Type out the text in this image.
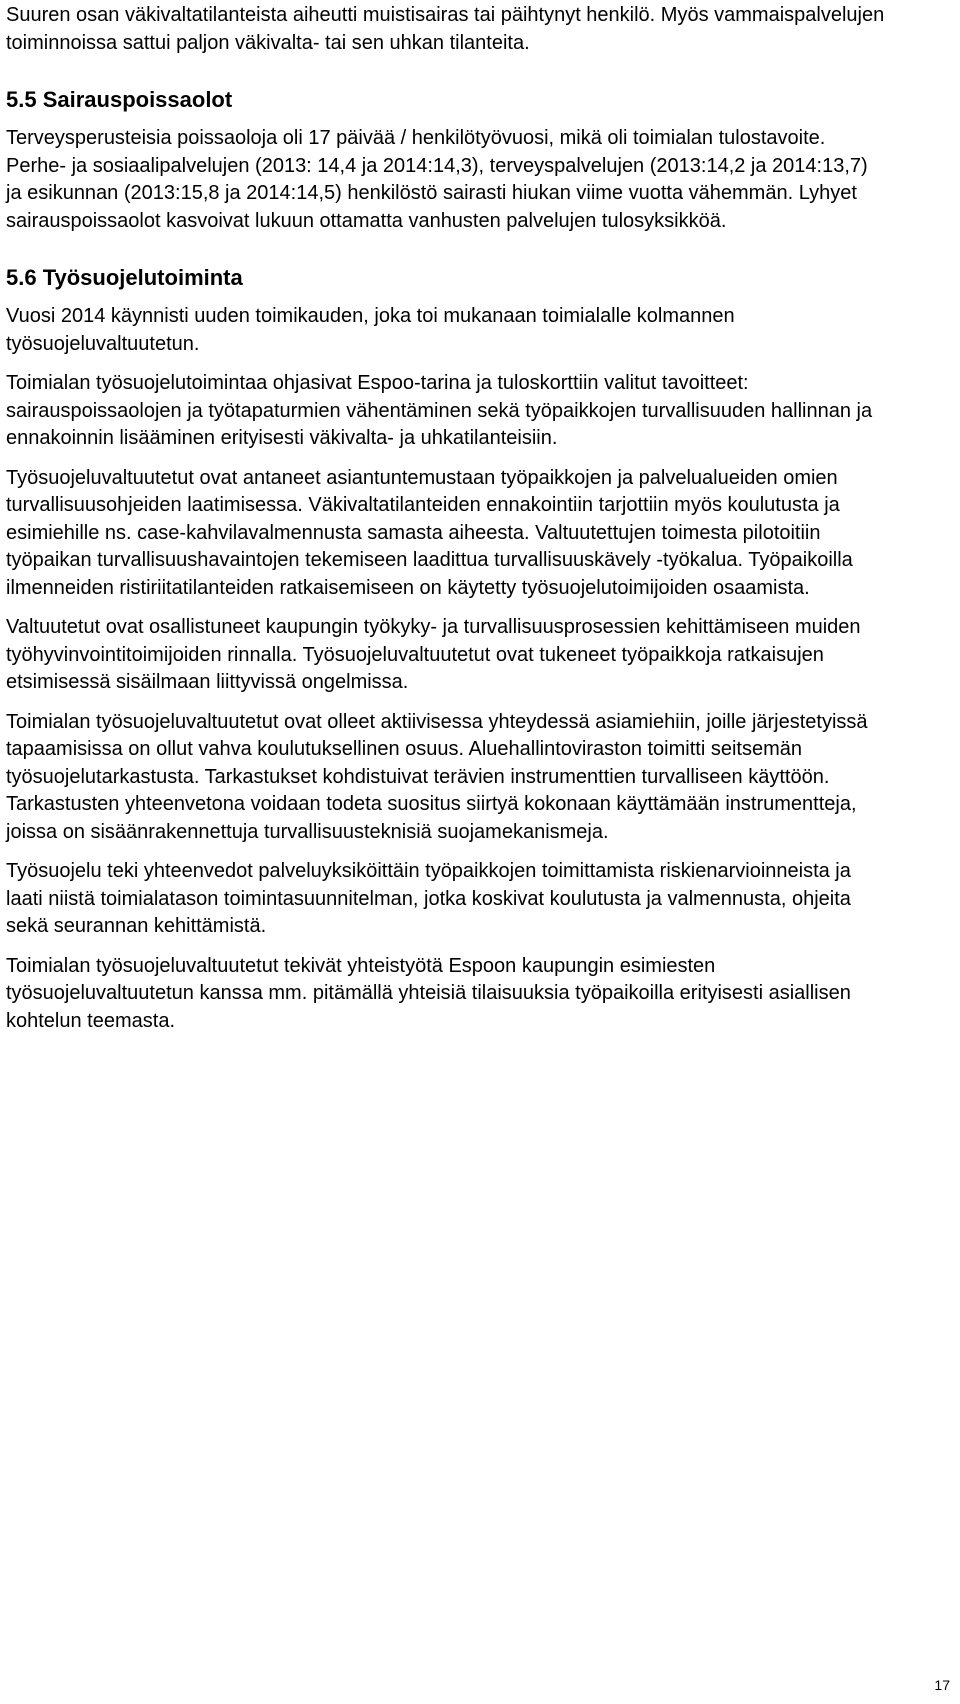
Suuren osan väkivaltatilanteista aiheutti muistisairas tai päihtynyt henkilö. Myös vammaispalvelujen toiminnoissa sattui paljon väkivalta- tai sen uhkan tilanteita.

5.5 Sairauspoissaolot

Terveysperusteisia poissaoloja oli 17 päivää / henkilötyövuosi, mikä oli toimialan tulostavoite. Perhe- ja sosiaalipalvelujen (2013: 14,4 ja 2014:14,3), terveyspalvelujen (2013:14,2 ja 2014:13,7) ja esikunnan (2013:15,8 ja 2014:14,5) henkilöstö sairasti hiukan viime vuotta vähemmän. Lyhyet sairauspoissaolot kasvoivat lukuun ottamatta vanhusten palvelujen tulosyksikköä.

5.6 Työsuojelutoiminta

Vuosi 2014 käynnisti uuden toimikauden, joka toi mukanaan toimialalle kolmannen työsuojeluvaltuutetun.

Toimialan työsuojelutoimintaa ohjasivat Espoo-tarina ja tuloskorttiin valitut tavoitteet: sairauspoissaolojen ja työtapaturmien vähentäminen sekä työpaikkojen turvallisuuden hallinnan ja ennakoinnin lisääminen erityisesti väkivalta- ja uhkatilanteisiin.

Työsuojeluvaltuutetut ovat antaneet asiantuntemustaan työpaikkojen ja palvelualueiden omien turvallisuusohjeiden laatimisessa. Väkivaltatilanteiden ennakointiin tarjottiin myös koulutusta ja esimiehille ns. case-kahvilavalmennusta samasta aiheesta. Valtuutettujen toimesta pilotoitiin työpaikan turvallisuushavaintojen tekemiseen laadittua turvallisuuskävely -työkalua. Työpaikoilla ilmenneiden ristiriitatilanteiden ratkaisemiseen on käytetty työsuojelutoimijoiden osaamista.

Valtuutetut ovat osallistuneet kaupungin työkyky- ja turvallisuusprosessien kehittämiseen muiden työhyvinvointitoimijoiden rinnalla. Työsuojeluvaltuutetut ovat tukeneet työpaikkoja ratkaisujen etsimisessä sisäilmaan liittyvissä ongelmissa.

Toimialan työsuojeluvaltuutetut ovat olleet aktiivisessa yhteydessä asiamiehiin, joille järjestetyissä tapaamisissa on ollut vahva koulutuksellinen osuus. Aluehallintoviraston toimitti seitsemän työsuojelutarkastusta. Tarkastukset kohdistuivat terävien instrumenttien turvalliseen käyttöön. Tarkastusten yhteenvetona voidaan todeta suositus siirtyä kokonaan käyttämään instrumentteja, joissa on sisäänrakennettuja turvallisuusteknisiä suojamekanismeja.

Työsuojelu teki yhteenvedot palveluyksiköittäin työpaikkojen toimittamista riskienarvioinneista ja laati niistä toimialatason toimintasuunnitelman, jotka koskivat koulutusta ja valmennusta, ohjeita sekä seurannan kehittämistä.

Toimialan työsuojeluvaltuutetut tekivät yhteistyötä Espoon kaupungin esimiesten työsuojeluvaltuutetun kanssa mm. pitämällä yhteisiä tilaisuuksia työpaikoilla erityisesti asiallisen kohtelun teemasta.

17
